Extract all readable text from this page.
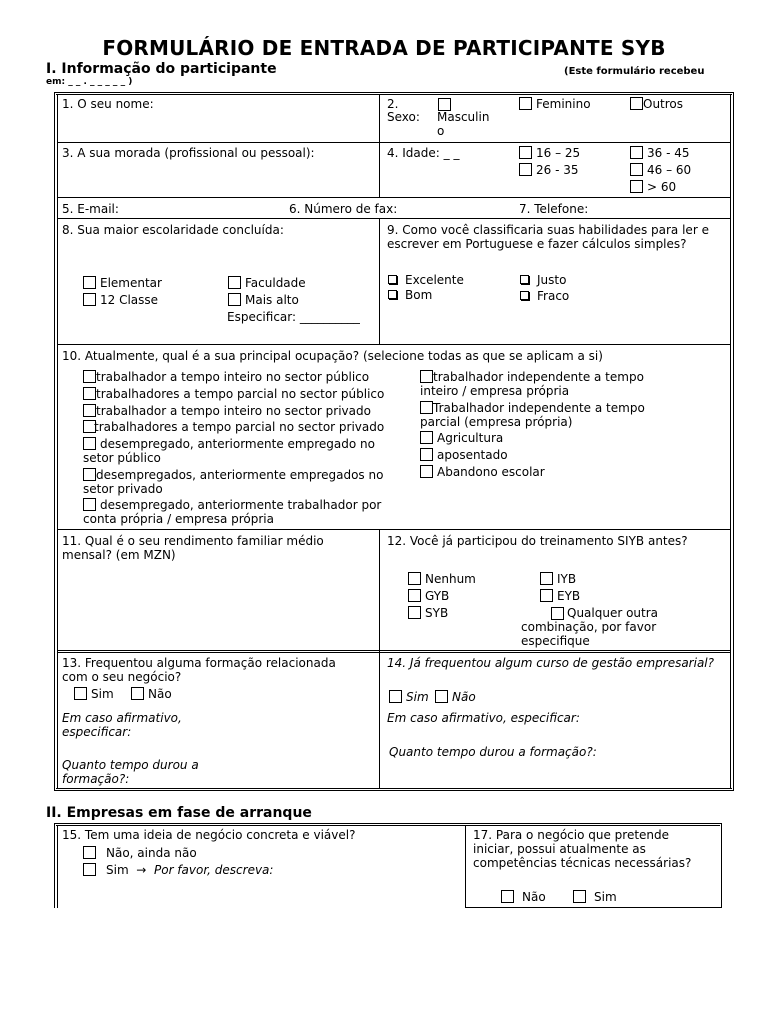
FORMULÁRIO DE ENTRADA DE PARTICIPANTE SYB
I. Informação do participante	(Este formulário recebeu
em: _ _ . _ _ _ _ _ )
1. O seu nome:	2.
Sexo: Masculin o
Feminino	Outros
3. A sua morada (profissional ou pessoal):	4. Idade: _ _	16 – 25
26 - 35
36 - 45
46 – 60
> 60
5. E-mail:	6. Número de fax:	7. Telefone:
8. Sua maior escolaridade concluída:
Elementar
12 Classe
Faculdade
Mais alto
Especificar: __________
9. Como você classificaria suas habilidades para ler e escrever em Portuguese e fazer cálculos simples?
Excelente
Bom
Justo
Fraco
10. Atualmente, qual é a sua principal ocupação? (selecione todas as que se aplicam a si)
trabalhador a tempo inteiro no sector público
trabalhadores a tempo parcial no sector público
trabalhador a tempo inteiro no sector privado
trabalhadores a tempo parcial no sector privado
desempregado, anteriormente empregado no setor público
desempregados, anteriormente empregados no setor privado
desempregado, anteriormente trabalhador por conta própria / empresa própria
trabalhador independente a tempo inteiro / empresa própria
Trabalhador independente a tempo parcial (empresa própria)
Agricultura
aposentado
Abandono escolar
11. Qual é o seu rendimento familiar médio mensal? (em MZN)
12. Você já participou do treinamento SIYB antes?
Nenhum
GYB
SYB
IYB
EYB
Qualquer outra combinação, por favor especifique
13. Frequentou alguma formação relacionada com o seu negócio?
Sim	Não
Em caso afirmativo, especificar:
Quanto tempo durou a formação?:
14. Já frequentou algum curso de gestão empresarial?
Sim	Não
Em caso afirmativo, especificar:
Quanto tempo durou a formação?:
II. Empresas em fase de arranque
15. Tem uma ideia de negócio concreta e viável?
Não, ainda não
Sim → Por favor, descreva:
17. Para o negócio que pretende iniciar, possui atualmente as competências técnicas necessárias?
Não	Sim
